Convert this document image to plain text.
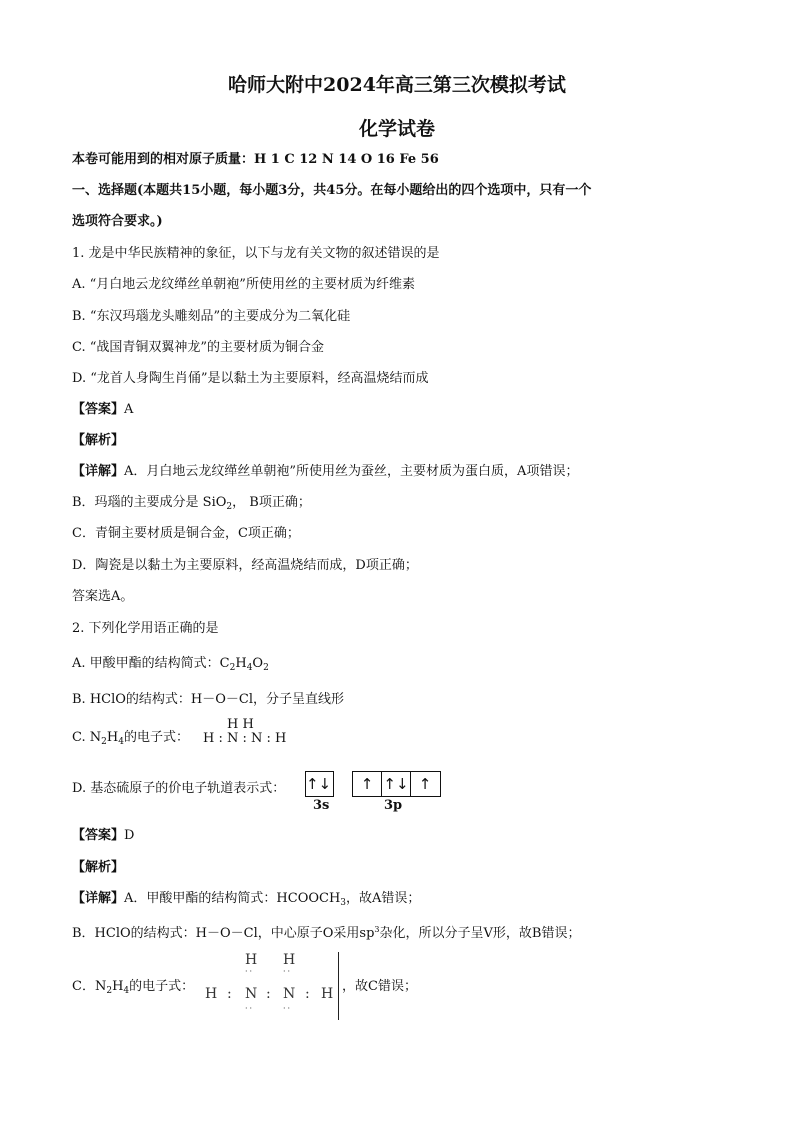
哈师大附中2024年高三第三次模拟考试
化学试卷
本卷可能用到的相对原子质量：H 1 C 12 N 14 O 16 Fe 56
一、选择题(本题共15小题，每小题3分，共45分。在每小题给出的四个选项中，只有一个
选项符合要求。)
1. 龙是中华民族精神的象征，以下与龙有关文物的叙述错误的是
A. “月白地云龙纹缂丝单朝袍”所使用丝的主要材质为纤维素
B. “东汉玛瑙龙头雕刻品”的主要成分为二氧化硅
C. “战国青铜双翼神龙”的主要材质为铜合金
D. “龙首人身陶生肖俑”是以黏土为主要原料，经高温烧结而成
【答案】A
【解析】
【详解】A．月白地云龙纹缂丝单朝袍”所使用丝为蚕丝，主要材质为蛋白质，A项错误；
B．玛瑙的主要成分是 SiO$_2$， B项正确；
C．青铜主要材质是铜合金，C项正确；
D．陶瓷是以黏土为主要原料，经高温烧结而成，D项正确；
答案选A。
2. 下列化学用语正确的是
A. 甲酸甲酯的结构简式：$C_2H_4O_2$
B. HClO的结构式：H－O－Cl，分子呈直线形
C. $N_2H_4$的电子式：
H H
H : N : N : H
D. 基态硫原子的价电子轨道表示式： ↑↓	↑ ↑↓ ↑
3s	3p
【答案】D
【解析】
【详解】A．甲酸甲酯的结构简式：$HCOOCH_3$，故A错误；
B．HClO的结构式：H－O－Cl，中心原子O采用$sp^3$杂化，所以分子呈V形，故B错误；
C．$N_2H_4$的电子式：
H H
··	··
H : N : N : H
··	··
，故C错误；
